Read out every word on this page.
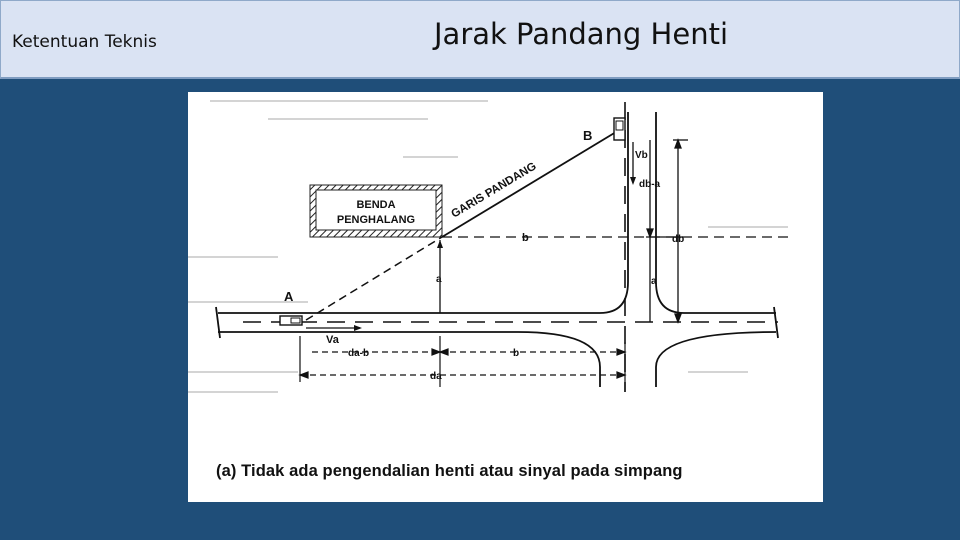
Ketentuan Teknis	Jarak Pandang Henti
BENDA
PENGHALANG	GARIS PANDANG
b
a
A
Va
B
Vb
db-a
db
a
da-b	b
da
(a) Tidak ada pengendalian henti atau sinyal pada simpang
